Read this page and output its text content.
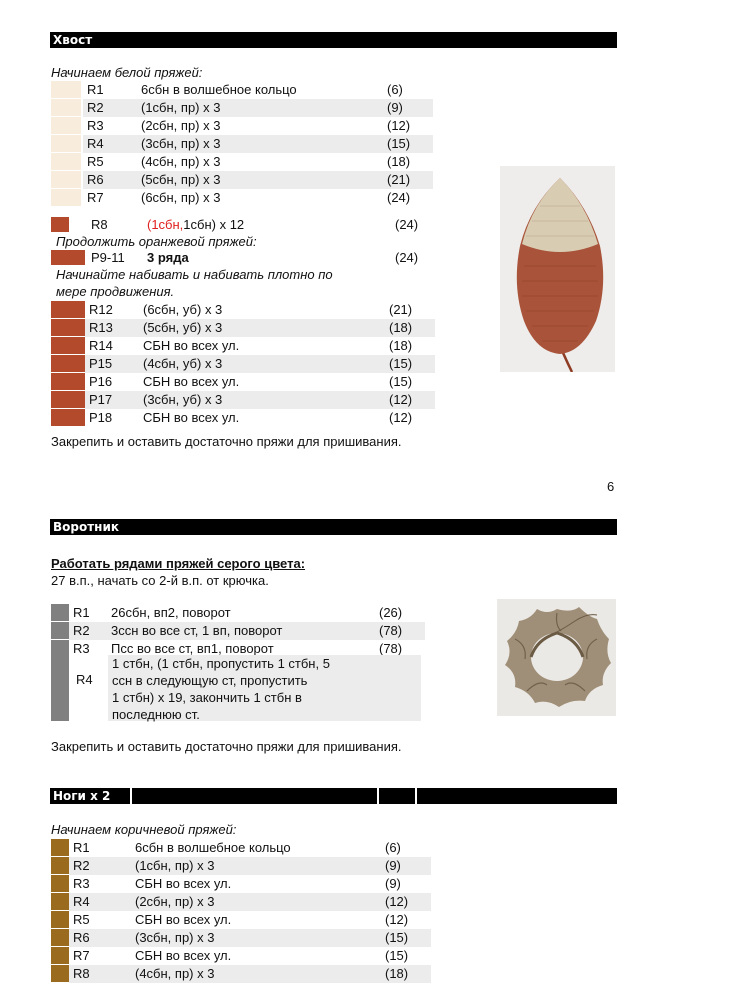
Хвост
Начинаем белой пряжей:
		R1	6сбн в волшебное кольцо	(6)
		R2	(1сбн, пр) х 3	(9)
		R3	(2сбн, пр) х 3	(12)
		R4	(3сбн, пр) х 3	(15)
		R5	(4сбн, пр) х 3	(18)
		R6	(5сбн, пр) х 3	(21)
		R7	(6сбн, пр) х 3	(24)
R8	(1сбн,1сбн) х 12	(24)
Продолжить оранжевой пряжей:
Р9-11 3 ряда	(24)
Начинайте набивать и набивать плотно по
мере продвижения.
		R12	(6сбн, уб) х 3	(21)
		R13	(5сбн, уб) х 3	(18)
		R14	СБН во всех ул.	(18)
		Р15	(4сбн, уб) х 3	(15)
		Р16	СБН во всех ул.	(15)
		Р17	(3сбн, уб) х 3	(12)
		Р18	СБН во всех ул.	(12)
Закрепить и оставить достаточно пряжи для пришивания.
6
Воротник
Работать рядами пряжей серого цвета:
27 в.п., начать со 2-й в.п. от крючка.
		R1	26сбн, вп2, поворот	(26)
		R2	3ссн во все ст, 1 вп, поворот	(78)
		R3	Псс во все ст, вп1, поворот	(78)
R4
1 стбн, (1 стбн, пропустить 1 стбн, 5
ссн в следующую ст, пропустить
1 стбн) х 19, закончить 1 стбн в
последнюю ст.
Закрепить и оставить достаточно пряжи для пришивания.
Ноги х 2
Начинаем коричневой пряжей:
		R1	6сбн в волшебное кольцо	(6)
		R2	(1сбн, пр) х 3	(9)
		R3	СБН во всех ул.	(9)
		R4	(2сбн, пр) х 3	(12)
		R5	СБН во всех ул.	(12)
		R6	(3сбн, пр) х 3	(15)
		R7	СБН во всех ул.	(15)
		R8	(4сбн, пр) х 3	(18)
